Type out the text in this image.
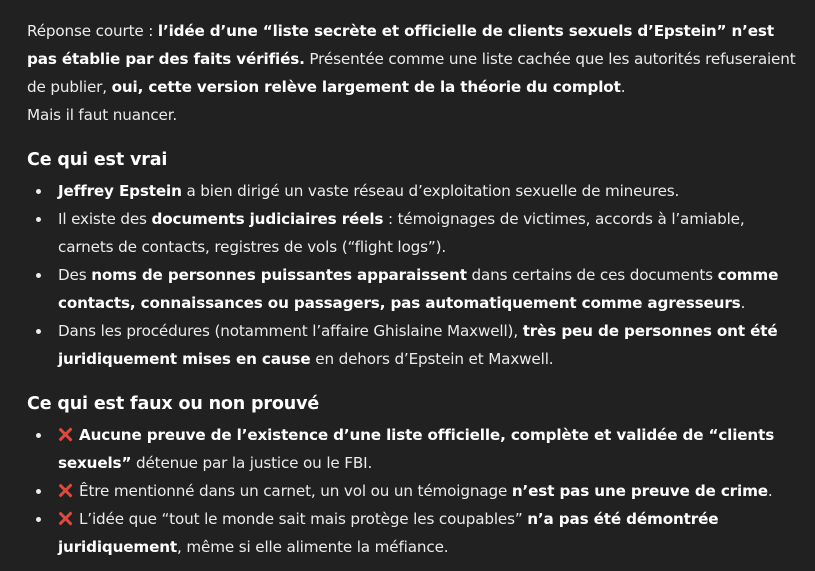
Réponse courte : l’idée d’une “liste secrète et officielle de clients sexuels d’Epstein” n’est pas établie par des faits vérifiés. Présentée comme une liste cachée que les autorités refuseraient de publier, oui, cette version relève largement de la théorie du complot.
Mais il faut nuancer.

Ce qui est vrai
Jeffrey Epstein a bien dirigé un vaste réseau d’exploitation sexuelle de mineures.
Il existe des documents judiciaires réels : témoignages de victimes, accords à l’amiable, carnets de contacts, registres de vols (“flight logs”).
Des noms de personnes puissantes apparaissent dans certains de ces documents comme contacts, connaissances ou passagers, pas automatiquement comme agresseurs.
Dans les procédures (notamment l’affaire Ghislaine Maxwell), très peu de personnes ont été juridiquement mises en cause en dehors d’Epstein et Maxwell.
Ce qui est faux ou non prouvé
Aucune preuve de l’existence d’une liste officielle, complète et validée de “clients sexuels” détenue par la justice ou le FBI.
Être mentionné dans un carnet, un vol ou un témoignage n’est pas une preuve de crime.
L’idée que “tout le monde sait mais protège les coupables” n’a pas été démontrée juridiquement, même si elle alimente la méfiance.
